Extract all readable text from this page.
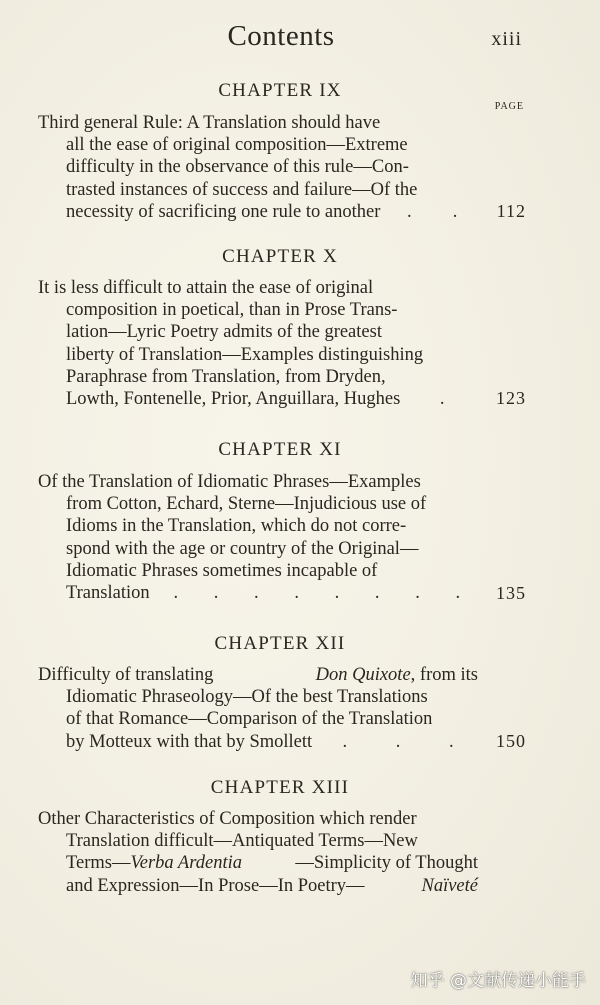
Contents	xiii
PAGE
CHAPTER IX
Third general Rule: A Translation should have
all the ease of original composition—Extreme
difficulty in the observance of this rule—Con-
trasted instances of success and failure—Of the
necessity of sacrificing one rule to another . . 112
CHAPTER X
It is less difficult to attain the ease of original
composition in poetical, than in Prose Trans-
lation—Lyric Poetry admits of the greatest
liberty of Translation—Examples distinguishing
Paraphrase from Translation, from Dryden,
Lowth, Fontenelle, Prior, Anguillara, Hughes .	123
CHAPTER XI
Of the Translation of Idiomatic Phrases—Examples
from Cotton, Echard, Sterne—Injudicious use of
Idioms in the Translation, which do not corre-
spond with the age or country of the Original—
Idiomatic Phrases sometimes incapable of
Translation . . . . . . . . 135
CHAPTER XII
Difficulty of translating	Don Quixote, from its
Idiomatic Phraseology—Of the best Translations
of that Romance—Comparison of the Translation
by Motteux with that by Smollett .	.	. 150
CHAPTER XIII
Other Characteristics of Composition which render
Translation difficult—Antiquated Terms—New
Terms—Verba Ardentia	—Simplicity of Thought
and Expression—In Prose—In Poetry—	Naïveté
知乎 @文献传递小能手
